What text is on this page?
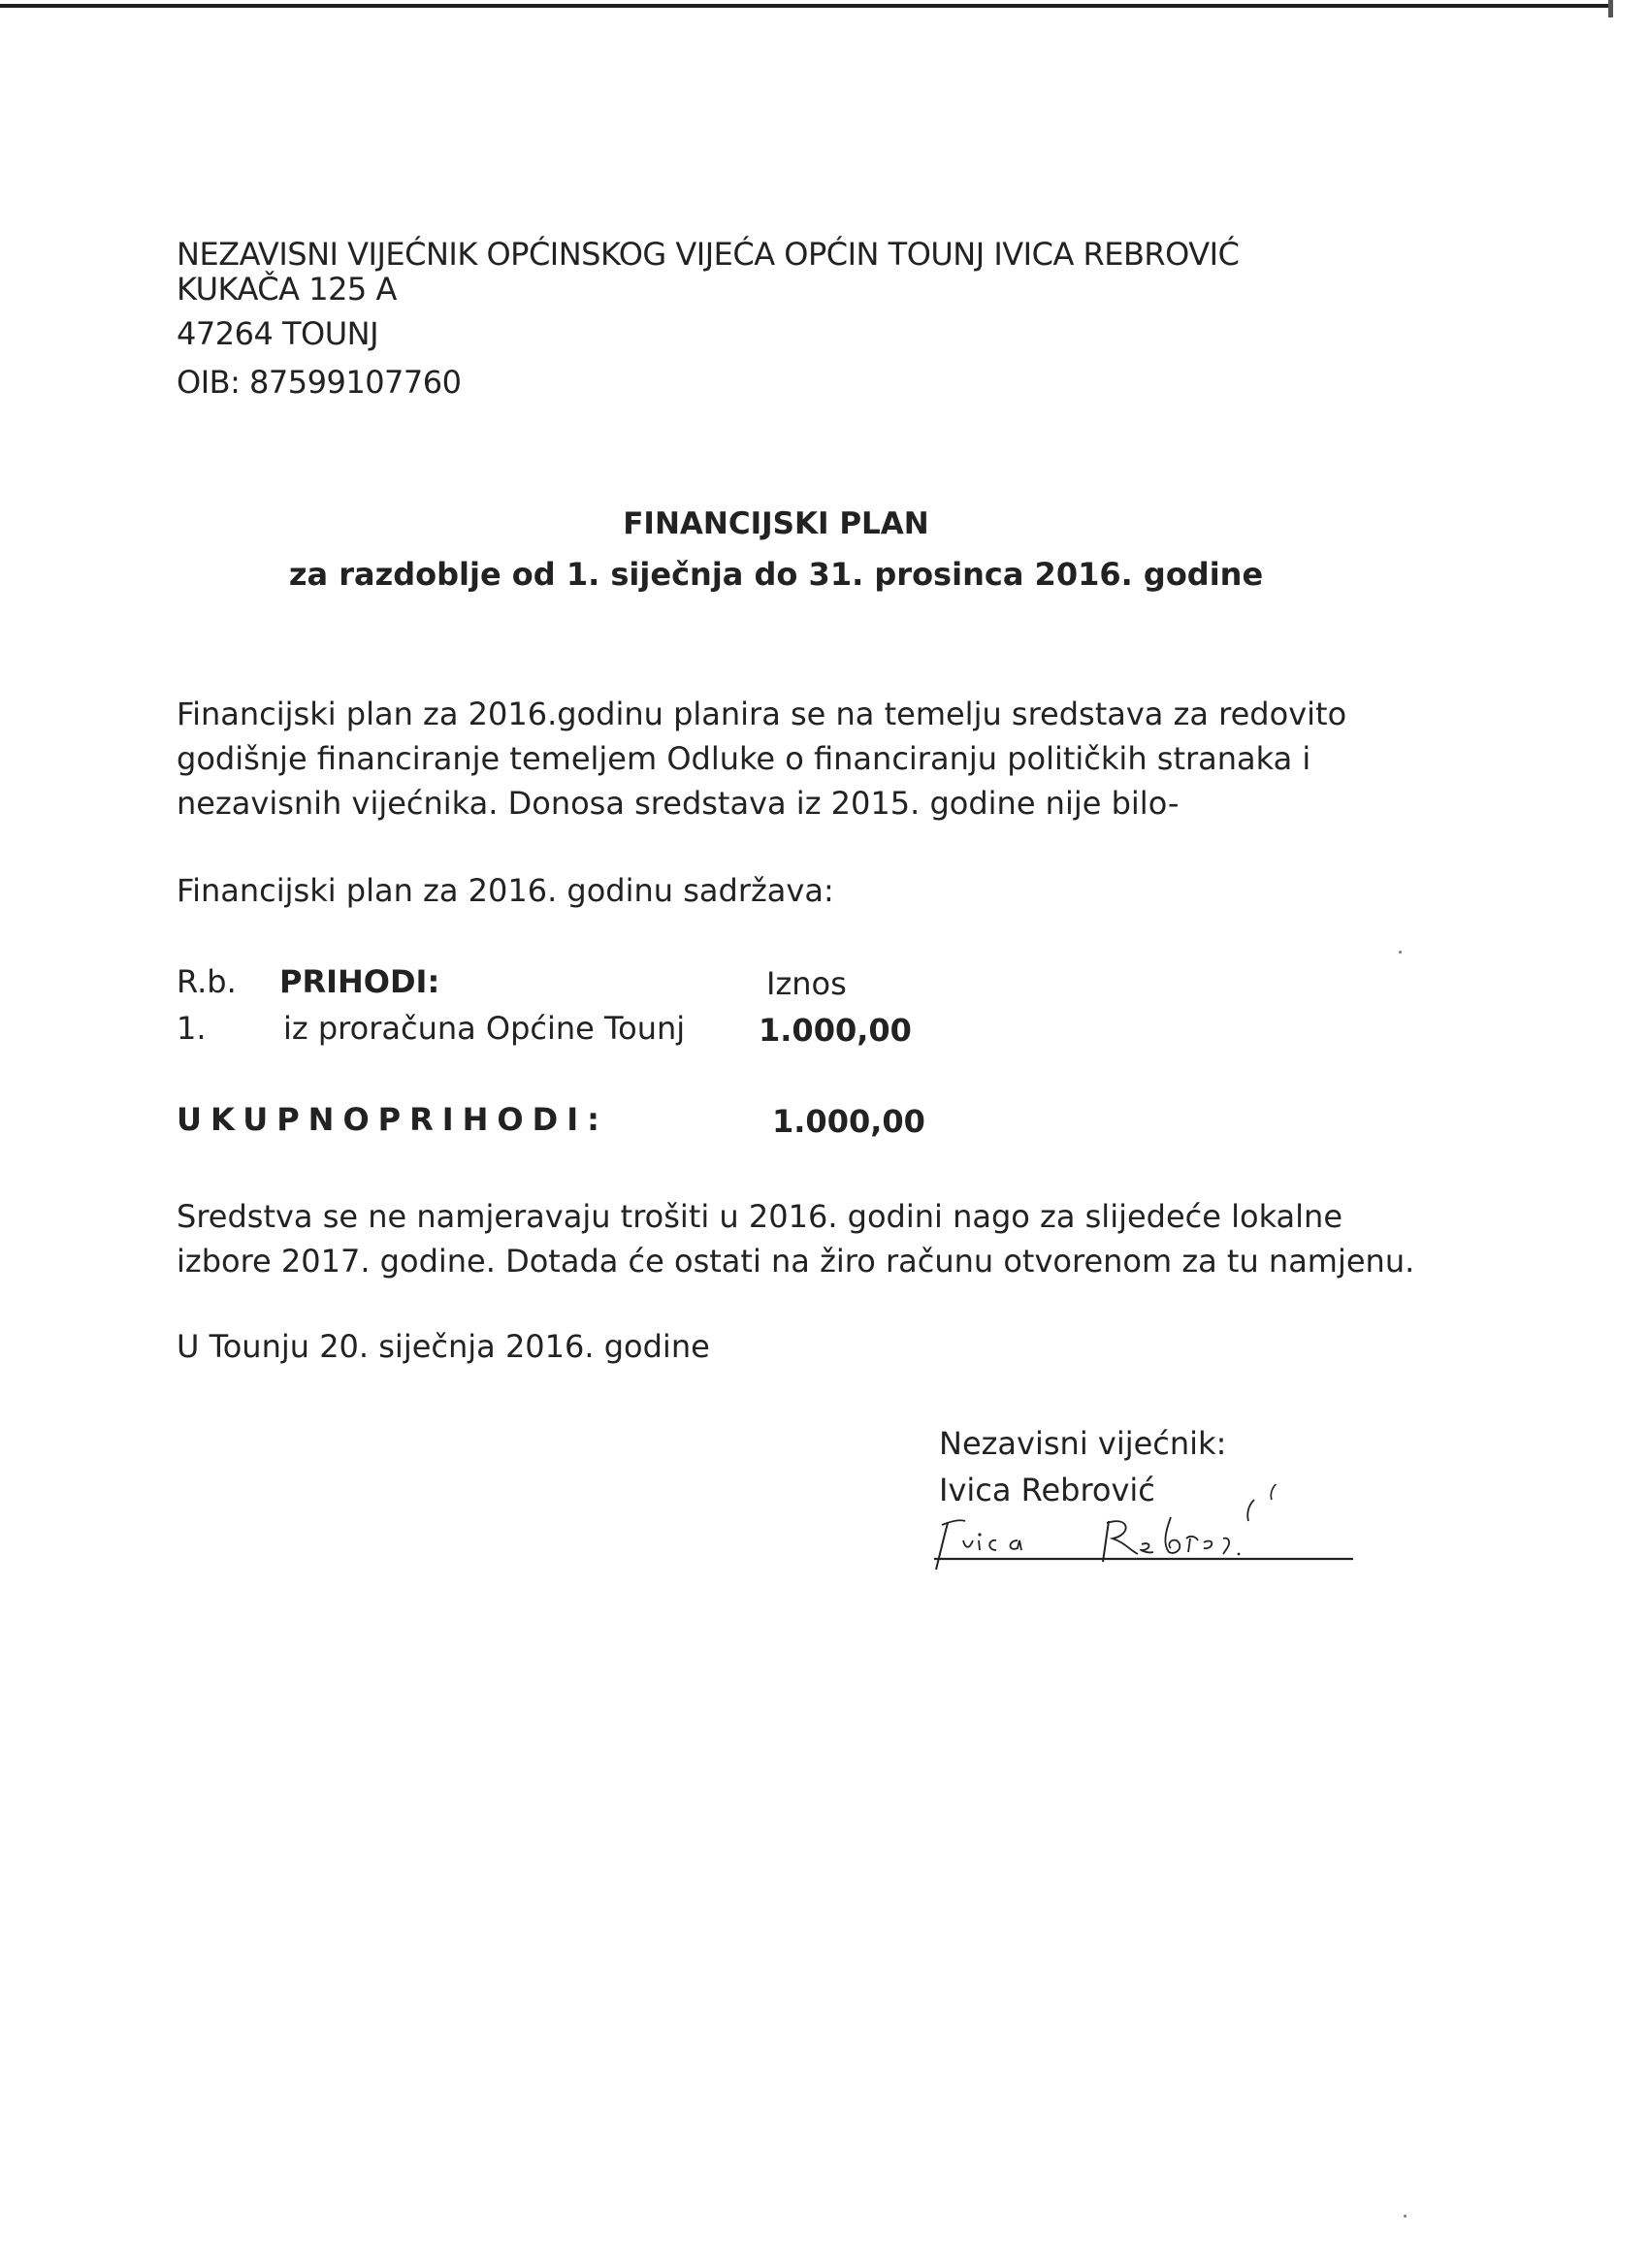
NEZAVISNI VIJEĆNIK OPĆINSKOG VIJEĆA OPĆIN TOUNJ IVICA REBROVIĆ
KUKAČA 125 A
47264 TOUNJ
OIB: 87599107760
FINANCIJSKI PLAN
za razdoblje od 1. siječnja do 31. prosinca 2016. godine
Financijski plan za 2016.godinu planira se na temelju sredstava za redovito
godišnje financiranje temeljem Odluke o financiranju političkih stranaka i
nezavisnih vijećnika. Donosa sredstava iz 2015. godine nije bilo-
Financijski plan za 2016. godinu sadržava:
R.b. PRIHODI:	Iznos
1. iz proračuna Općine Tounj 1.000,00
UKUPNOPRIHODI:	1.000,00
Sredstva se ne namjeravaju trošiti u 2016. godini nago za slijedeće lokalne
izbore 2017. godine. Dotada će ostati na žiro računu otvorenom za tu namjenu.
U Tounju 20. siječnja 2016. godine
Nezavisni vijećnik:
Ivica Rebrović
